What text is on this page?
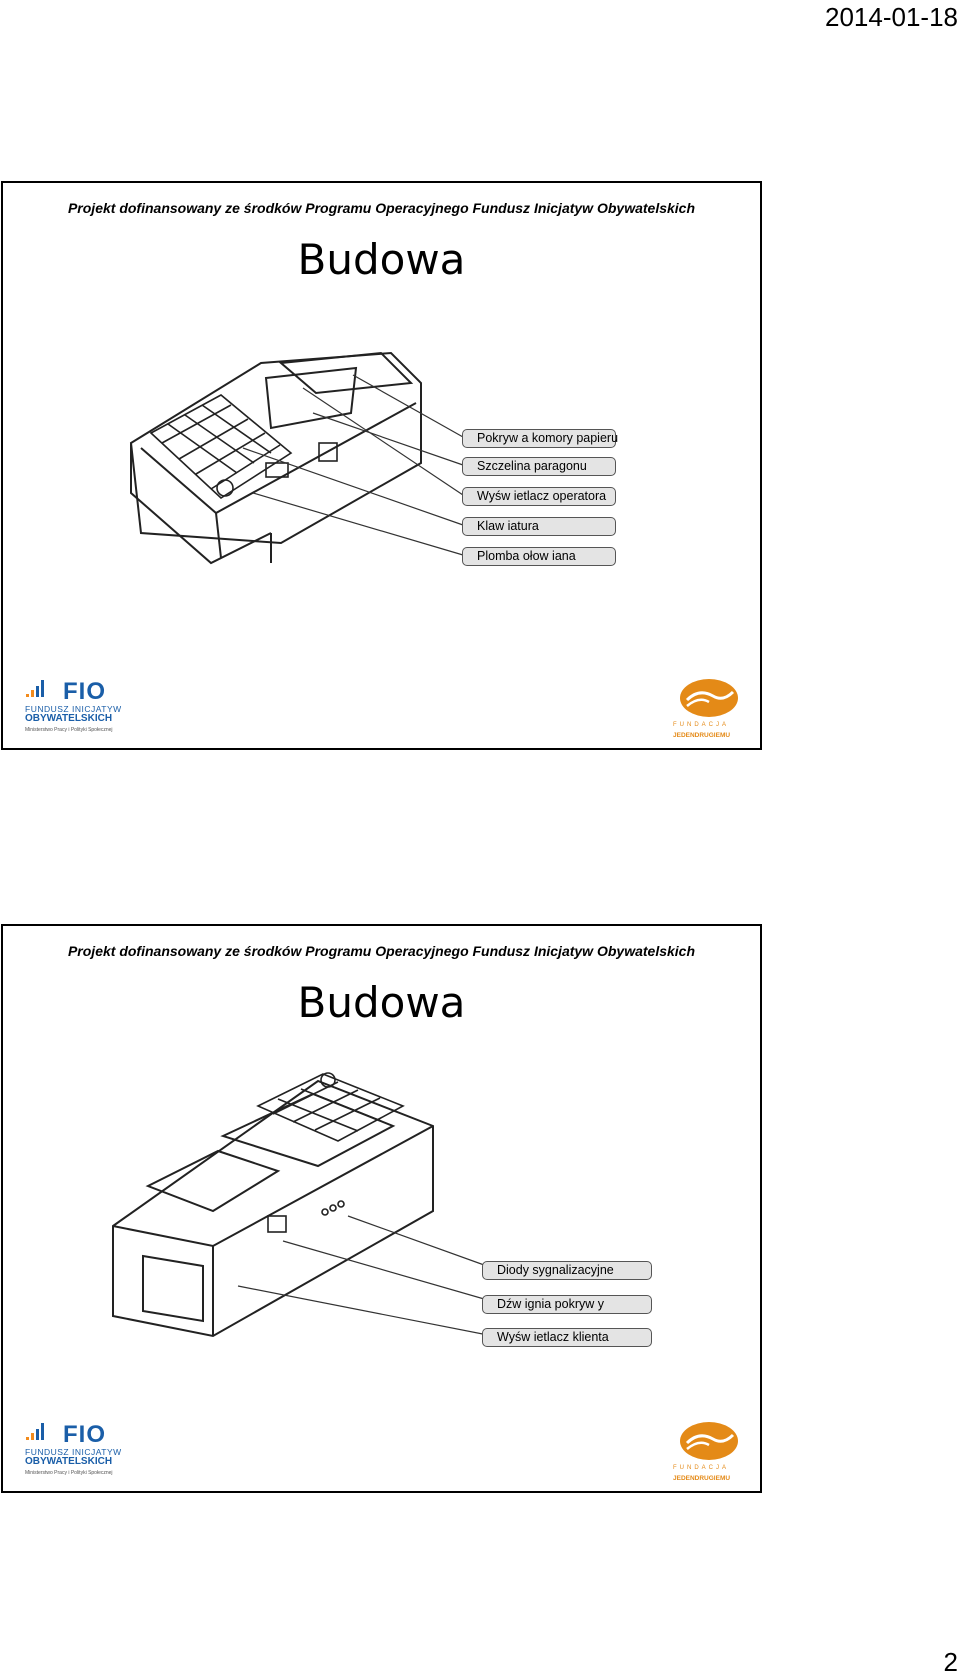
2014-01-18
Projekt dofinansowany ze środków Programu Operacyjnego Fundusz Inicjatyw Obywatelskich
Budowa
Pokryw a komory papieru
Szczelina paragonu
Wyśw ietlacz operatora
Klaw iatura
Plomba ołow iana
FIO
FUNDUSZ INICJATYW
OBYWATELSKICH
Ministerstwo Pracy i Polityki Społecznej
FUNDACJA
JEDENDRUGIEMU
Projekt dofinansowany ze środków Programu Operacyjnego Fundusz Inicjatyw Obywatelskich
Budowa
Diody sygnalizacyjne
Dźw ignia pokryw y
Wyśw ietlacz klienta
FIO
FUNDUSZ INICJATYW
OBYWATELSKICH
Ministerstwo Pracy i Polityki Społecznej
FUNDACJA
JEDENDRUGIEMU
2
